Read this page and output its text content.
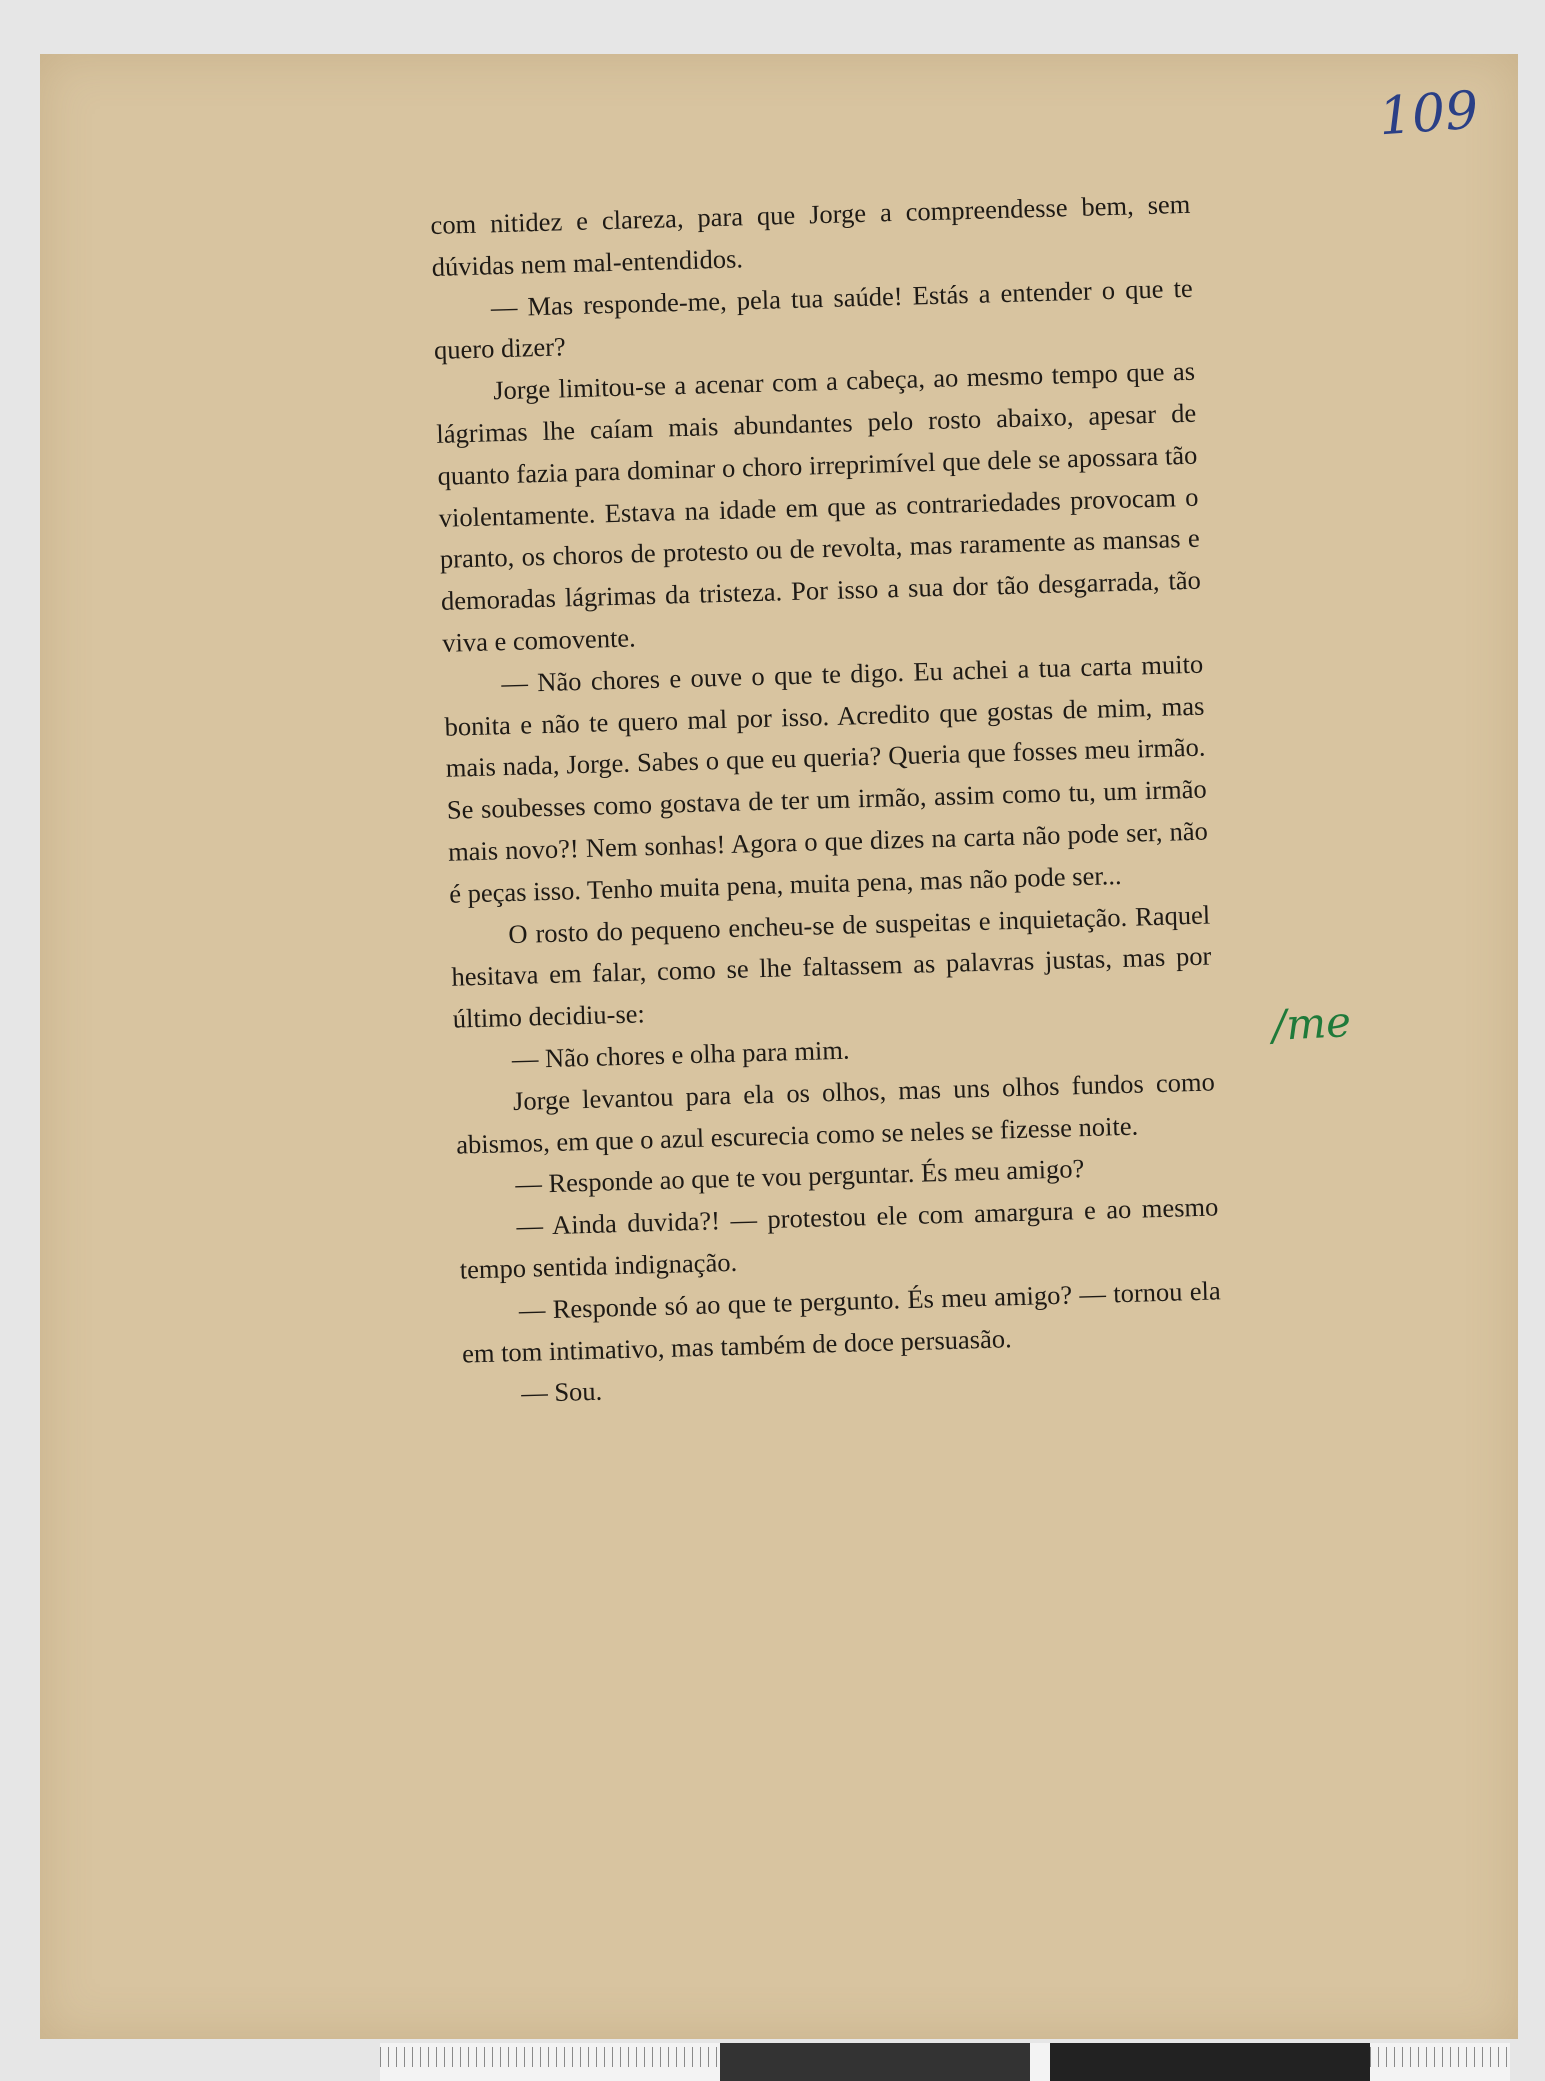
109
/me

com nitidez e clareza, para que Jorge a compreendesse bem, sem dúvidas nem mal-entendidos.

— Mas responde-me, pela tua saúde! Estás a entender o que te quero dizer?

Jorge limitou-se a acenar com a cabeça, ao mesmo tempo que as lágrimas lhe caíam mais abundantes pelo rosto abaixo, apesar de quanto fazia para dominar o choro irreprimível que dele se apossara tão violentamente. Estava na idade em que as contrariedades provocam o pranto, os choros de protesto ou de revolta, mas raramente as mansas e demoradas lágrimas da tristeza. Por isso a sua dor tão desgarrada, tão viva e comovente.

— Não chores e ouve o que te digo. Eu achei a tua carta muito bonita e não te quero mal por isso. Acredito que gostas de mim, mas mais nada, Jorge. Sabes o que eu queria? Queria que fosses meu irmão. Se soubesses como gostava de ter um irmão, assim como tu, um irmão mais novo?! Nem sonhas! Agora o que dizes na carta não pode ser, não é peças isso. Tenho muita pena, muita pena, mas não pode ser...

O rosto do pequeno encheu-se de suspeitas e inquietação. Raquel hesitava em falar, como se lhe faltassem as palavras justas, mas por último decidiu-se:

— Não chores e olha para mim.

Jorge levantou para ela os olhos, mas uns olhos fundos como abismos, em que o azul escurecia como se neles se fizesse noite.

— Responde ao que te vou perguntar. És meu amigo?

— Ainda duvida?! — protestou ele com amargura e ao mesmo tempo sentida indignação.

— Responde só ao que te pergunto. És meu amigo? — tornou ela em tom intimativo, mas também de doce persuasão.

— Sou.
